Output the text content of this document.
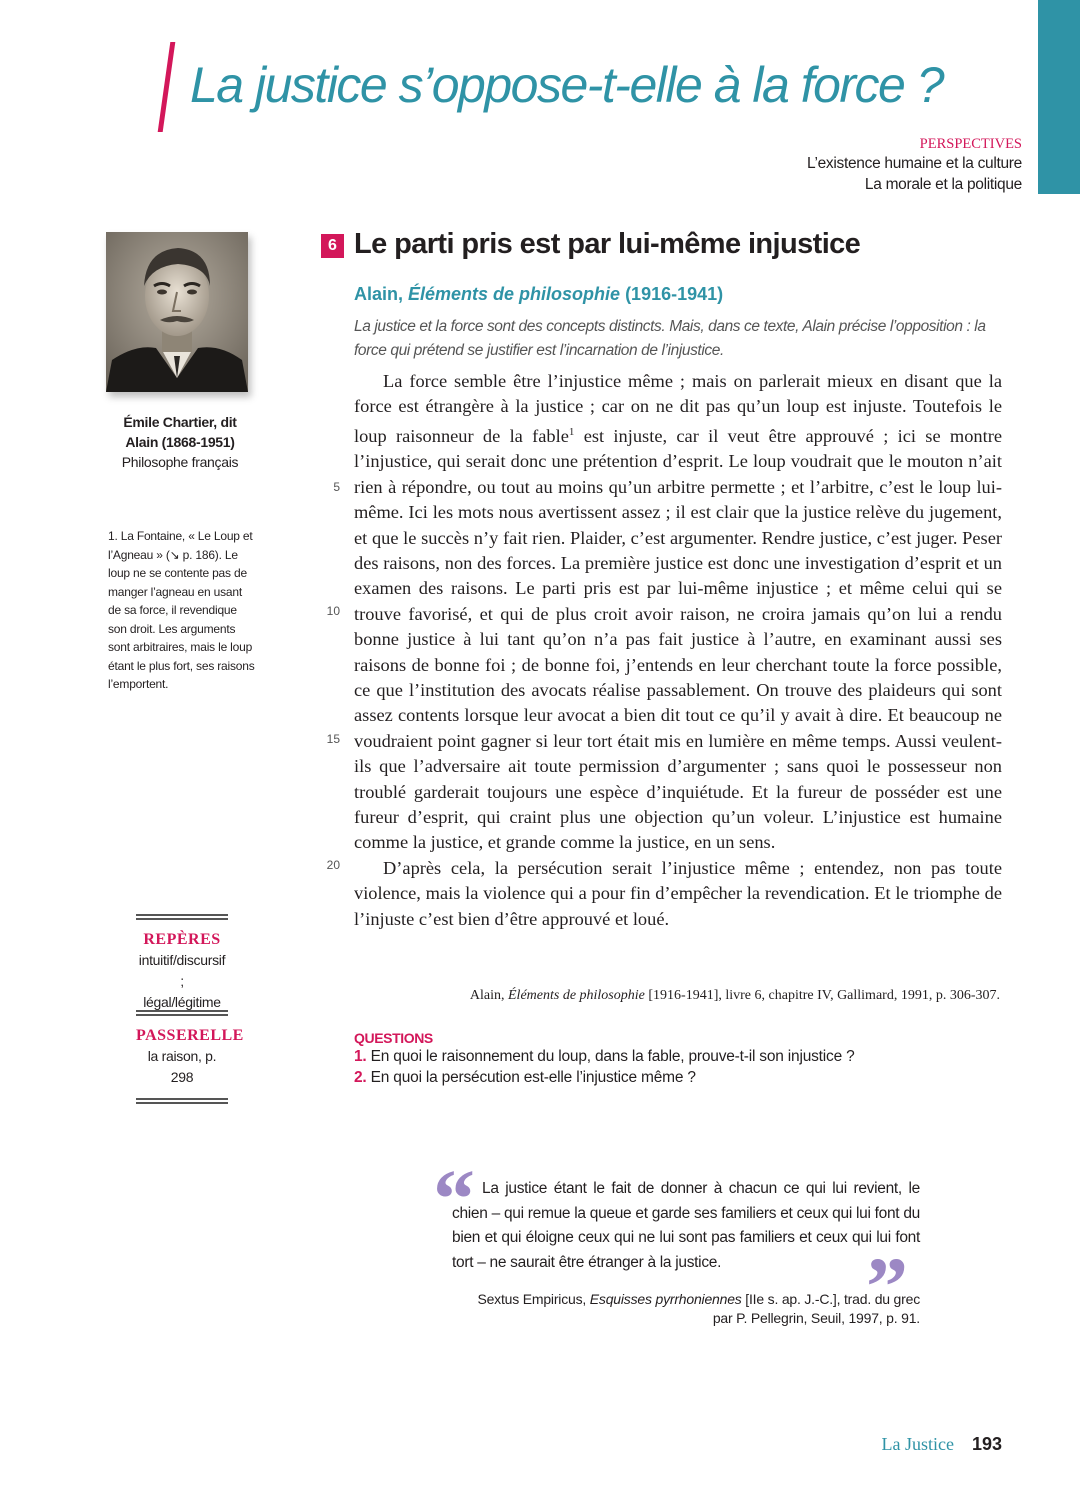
La justice s’oppose-t-elle à la force ?
PERSPECTIVES
L’existence humaine et la culture
La morale et la politique
Émile Chartier, dit
Alain (1868-1951)
Philosophe français
1. La Fontaine, « Le Loup et l’Agneau » (↘ p. 186). Le loup ne se contente pas de manger l’agneau en usant de sa force, il revendique son droit. Les arguments sont arbitraires, mais le loup étant le plus fort, ses raisons l’emportent.
REPÈRES
intuitif/discursif ;
légal/légitime
PASSERELLE
la raison, p. 298
6 Le parti pris est par lui-même injustice
Alain, Éléments de philosophie (1916-1941)
La justice et la force sont des concepts distincts. Mais, dans ce texte, Alain précise l’opposition : la force qui prétend se justifier est l’incarnation de l’injustice.

La force semble être l’injustice même ; mais on parlerait mieux en disant que la force est étrangère à la justice ; car on ne dit pas qu’un loup est injuste. Toutefois le loup raisonneur de la fable$^1$ est injuste, car il veut être approuvé ; ici se montre l’injustice, qui serait donc une prétention d’esprit. Le loup voudrait que le mouton n’ait rien à répondre, ou tout au moins qu’un arbitre permette ; et l’arbitre, c’est le loup lui-même. Ici les mots nous avertissent assez ; il est clair que la justice relève du jugement, et que le succès n’y fait rien. Plaider, c’est argumenter. Rendre justice, c’est juger. Peser des raisons, non des forces. La première justice est donc une investigation d’esprit et un examen des raisons. Le parti pris est par lui-même injustice ; et même celui qui se trouve favorisé, et qui de plus croit avoir raison, ne croira jamais qu’on lui a rendu bonne justice à lui tant qu’on n’a pas fait justice à l’autre, en examinant aussi ses raisons de bonne foi ; de bonne foi, j’entends en leur cherchant toute la force possible, ce que l’institution des avocats réalise passablement. On trouve des plaideurs qui sont assez contents lorsque leur avocat a bien dit tout ce qu’il y avait à dire. Et beaucoup ne voudraient point gagner si leur tort était mis en lumière en même temps. Aussi veulent-ils que l’adversaire ait toute permission d’argumenter ; sans quoi le possesseur non troublé garderait toujours une espèce d’inquiétude. Et la fureur de posséder est une fureur d’esprit, qui craint plus une objection qu’un voleur. L’injustice est humaine comme la justice, et grande comme la justice, en un sens.

D’après cela, la persécution serait l’injustice même ; entendez, non pas toute violence, mais la violence qui a pour fin d’empêcher la revendication. Et le triomphe de l’injuste c’est bien d’être approuvé et loué.

5
10
15
20
Alain, Éléments de philosophie [1916-1941], livre 6, chapitre IV, Gallimard, 1991, p. 306-307.
QUESTIONS
1. En quoi le raisonnement du loup, dans la fable, prouve-t-il son injustice ?
2. En quoi la persécution est-elle l’injustice même ?
“ La justice étant le fait de donner à chacun ce qui lui revient, le chien – qui remue la queue et garde ses familiers et ceux qui lui font du bien et qui éloigne ceux qui ne lui sont pas familiers et ceux qui lui font tort – ne saurait être étranger à la justice.	”
Sextus Empiricus, Esquisses pyrrhoniennes [IIe s. ap. J.-C.], trad. du grec
par P. Pellegrin, Seuil, 1997, p. 91.
La Justice 193
